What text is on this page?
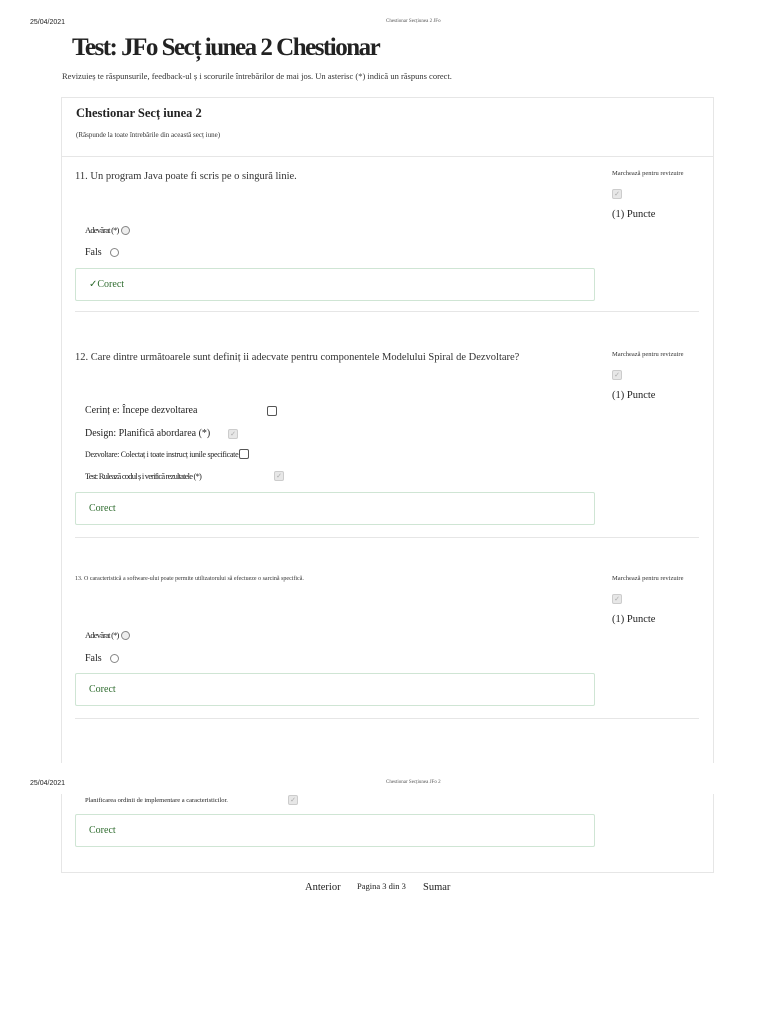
25/04/2021	Chestionar Secțiunea 2 JFo
Test: JFo Secț iunea 2 Chestionar
Revizuieș te răspunsurile, feedback-ul ș i scorurile întrebărilor de mai jos. Un asterisc (*) indică un răspuns corect.
Chestionar Secț iunea 2
(Răspunde la toate întrebările din această secț iune)
11. Un program Java poate fi scris pe o singură linie.	Marchează pentru revizuire
✓
(1) Puncte
Adevărat (*)
Fals
✓Corect
12. Care dintre următoarele sunt definiț ii adecvate pentru componentele Modelului Spiral de Dezvoltare?	Marchează pentru revizuire
✓
(1) Puncte
Cerinț e: Începe dezvoltarea
Design: Planifică abordarea (*)	✓
Dezvoltare: Colectaț i toate instrucț iunile specificate
Test: Rulează codul ș i verifică rezultatele (*)	✓
Corect
13. O caracteristică a software-ului poate permite utilizatorului să efectueze o sarcină specifică.	Marchează pentru revizuire
✓
(1) Puncte
Adevărat (*)
Fals
Corect
25/04/2021	Chestionar Secțiunea JFo 2
Planificarea ordinii de implementare a caracteristicilor.	✓
Corect
Anterior Pagina 3 din 3 Sumar
